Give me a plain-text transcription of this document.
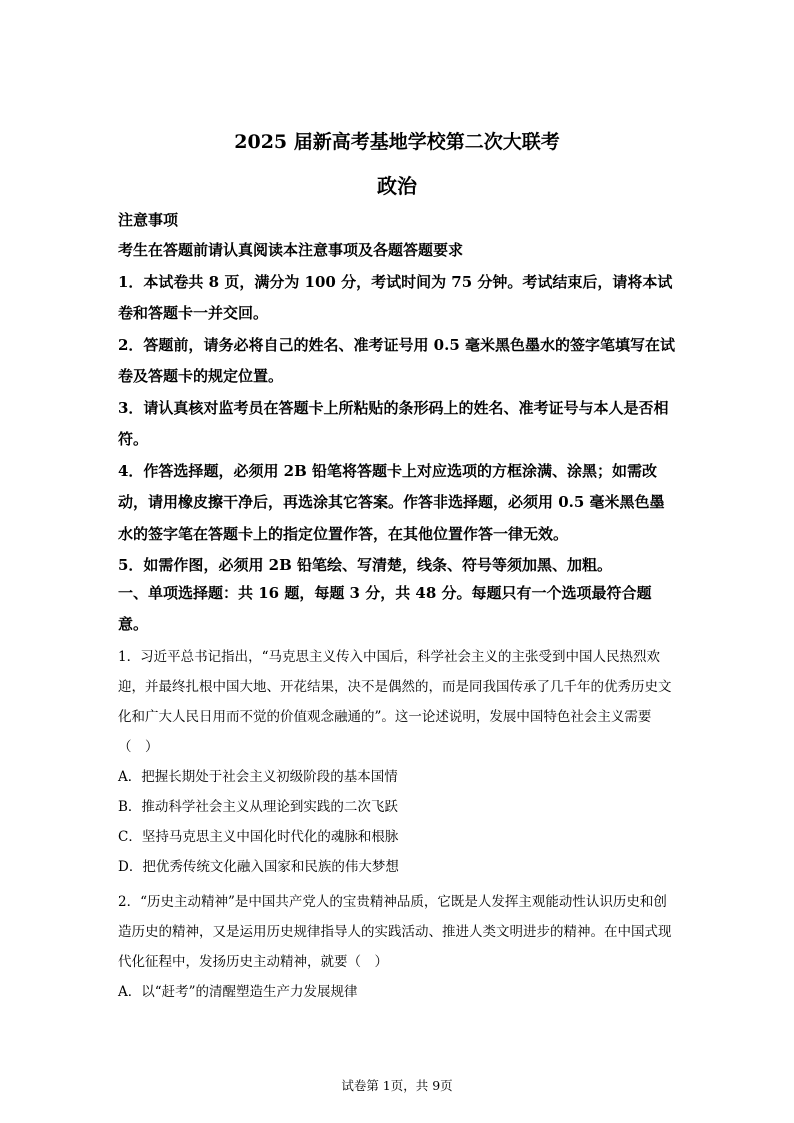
2025 届新高考基地学校第二次大联考
政治
注意事项

考生在答题前请认真阅读本注意事项及各题答题要求

1．本试卷共 8 页，满分为 100 分，考试时间为 75 分钟。考试结束后，请将本试卷和答题卡一并交回。

2．答题前，请务必将自己的姓名、准考证号用 0.5 毫米黑色墨水的签字笔填写在试卷及答题卡的规定位置。

3．请认真核对监考员在答题卡上所粘贴的条形码上的姓名、准考证号与本人是否相符。

4．作答选择题，必须用 2B 铅笔将答题卡上对应选项的方框涂满、涂黑；如需改动，请用橡皮擦干净后，再选涂其它答案。作答非选择题，必须用 0.5 毫米黑色墨水的签字笔在答题卡上的指定位置作答，在其他位置作答一律无效。

5．如需作图，必须用 2B 铅笔绘、写清楚，线条、符号等须加黑、加粗。

一、单项选择题：共 16 题，每题 3 分，共 48 分。每题只有一个选项最符合题意。

1．习近平总书记指出，“马克思主义传入中国后，科学社会主义的主张受到中国人民热烈欢迎，并最终扎根中国大地、开花结果，决不是偶然的，而是同我国传承了几千年的优秀历史文化和广大人民日用而不觉的价值观念融通的”。这一论述说明，发展中国特色社会主义需要（　）

A．把握长期处于社会主义初级阶段的基本国情

B．推动科学社会主义从理论到实践的二次飞跃

C．坚持马克思主义中国化时代化的魂脉和根脉

D．把优秀传统文化融入国家和民族的伟大梦想

2．“历史主动精神”是中国共产党人的宝贵精神品质，它既是人发挥主观能动性认识历史和创造历史的精神，又是运用历史规律指导人的实践活动、推进人类文明进步的精神。在中国式现代化征程中，发扬历史主动精神，就要（　）

A．以“赶考”的清醒塑造生产力发展规律

试卷第 1页，共 9页
